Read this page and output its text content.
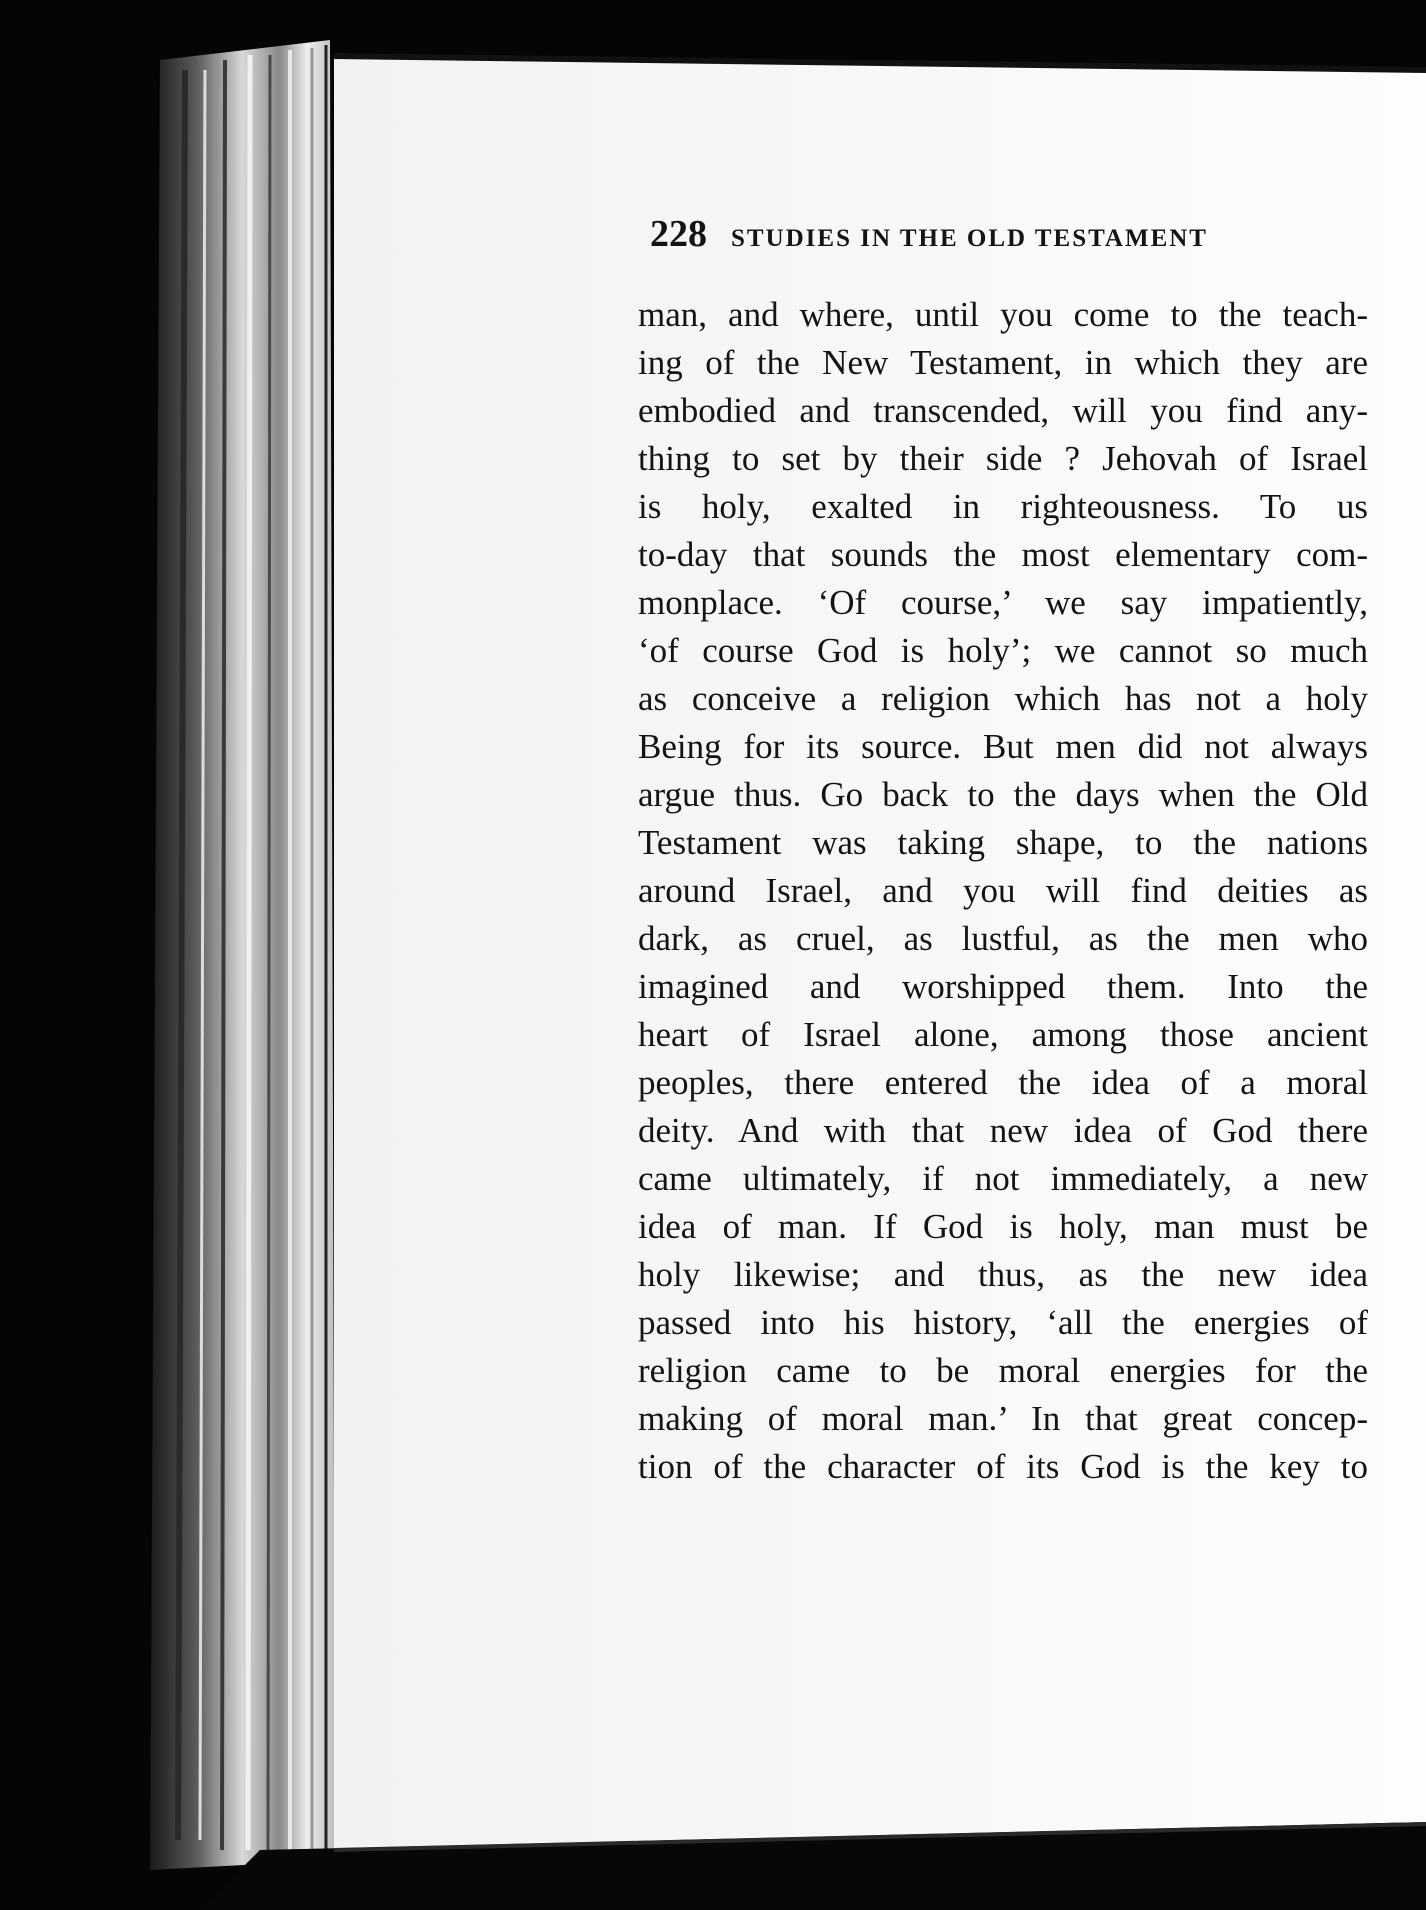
228 STUDIES IN THE OLD TESTAMENT
man, and where, until you come to the teach-
ing of the New Testament, in which they are
embodied and transcended, will you find any-
thing to set by their side ? Jehovah of Israel
is holy, exalted in righteousness. To us
to-day that sounds the most elementary com-
monplace. ‘Of course,’ we say impatiently,
‘of course God is holy’; we cannot so much
as conceive a religion which has not a holy
Being for its source. But men did not always
argue thus. Go back to the days when the Old
Testament was taking shape, to the nations
around Israel, and you will find deities as
dark, as cruel, as lustful, as the men who
imagined and worshipped them. Into the
heart of Israel alone, among those ancient
peoples, there entered the idea of a moral
deity. And with that new idea of God there
came ultimately, if not immediately, a new
idea of man. If God is holy, man must be
holy likewise; and thus, as the new idea
passed into his history, ‘all the energies of
religion came to be moral energies for the
making of moral man.’ In that great concep-
tion of the character of its God is the key to
